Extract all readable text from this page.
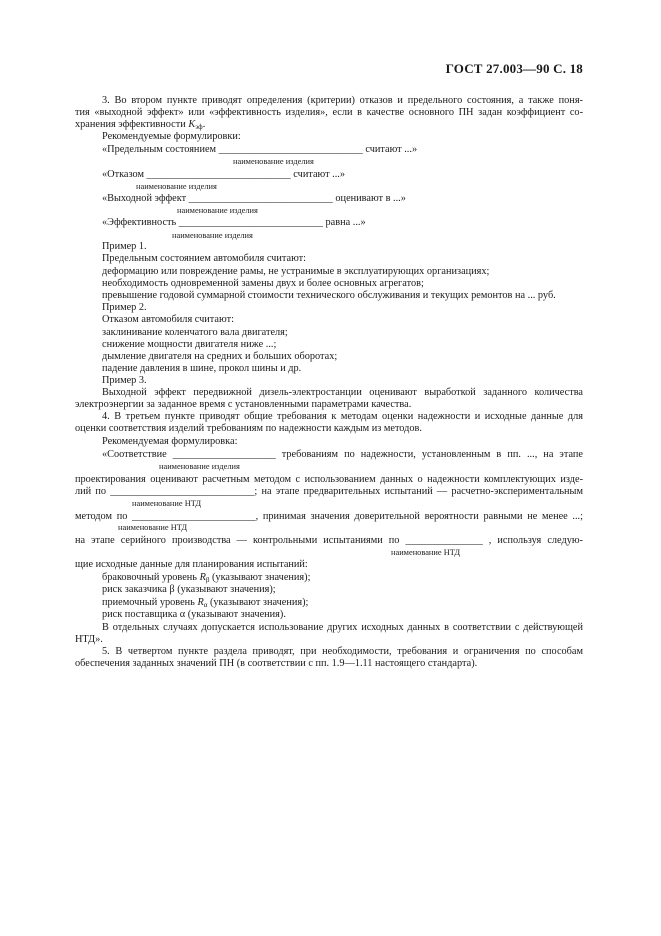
ГОСТ 27.003—90 С. 18
3. Во втором пункте приводят определения (критерии) отказов и предельного состояния, а также поня-
тия «выходной эффект» или «эффективность изделия», если в качестве основного ПН задан коэффициент со-
хранения эффективности $K_{эф}$.
Рекомендуемые формулировки:
«Предельным состоянием ____________________________ считают ...»
наименование изделия
«Отказом ____________________________ считают ...»
наименование изделия
«Выходной эффект ____________________________ оценивают в ...»
наименование изделия
«Эффективность ____________________________ равна ...»
наименование изделия
Пример 1.
Предельным состоянием автомобиля считают:
деформацию или повреждение рамы, не устранимые в эксплуатирующих организациях;
необходимость одновременной замены двух и более основных агрегатов;
превышение годовой суммарной стоимости технического обслуживания и текущих ремонтов на ... руб.
Пример 2.
Отказом автомобиля считают:
заклинивание коленчатого вала двигателя;
снижение мощности двигателя ниже ...;
дымление двигателя на средних и больших оборотах;
падение давления в шине, прокол шины и др.
Пример 3.
Выходной эффект передвижной дизель-электростанции оценивают выработкой заданного количества
электроэнергии за заданное время с установленными параметрами качества.
4. В третьем пункте приводят общие требования к методам оценки надежности и исходные данные для
оценки соответствия изделий требованиям по надежности каждым из методов.
Рекомендуемая формулировка:
«Соответствие ____________________ требованиям по надежности, установленным в пп. ..., на этапе
наименование изделия
проектирования оценивают расчетным методом с использованием данных о надежности комплектующих изде-
лий по ____________________________; на этапе предварительных испытаний — расчетно-экспериментальным
наименование НТД
методом по ________________________, принимая значения доверительной вероятности равными не менее ...;
наименование НТД
на этапе серийного производства — контрольными испытаниями по _______________ , используя следую-
наименование НТД
щие исходные данные для планирования испытаний:
браковочный уровень $R_\beta$ (указывают значения);
риск заказчика β (указывают значения);
приемочный уровень $R_\alpha$ (указывают значения);
риск поставщика α (указывают значения).
В отдельных случаях допускается использование других исходных данных в соответствии с действующей
НТД».
5. В четвертом пункте раздела приводят, при необходимости, требования и ограничения по способам
обеспечения заданных значений ПН (в соответствии с пп. 1.9—1.11 настоящего стандарта).
